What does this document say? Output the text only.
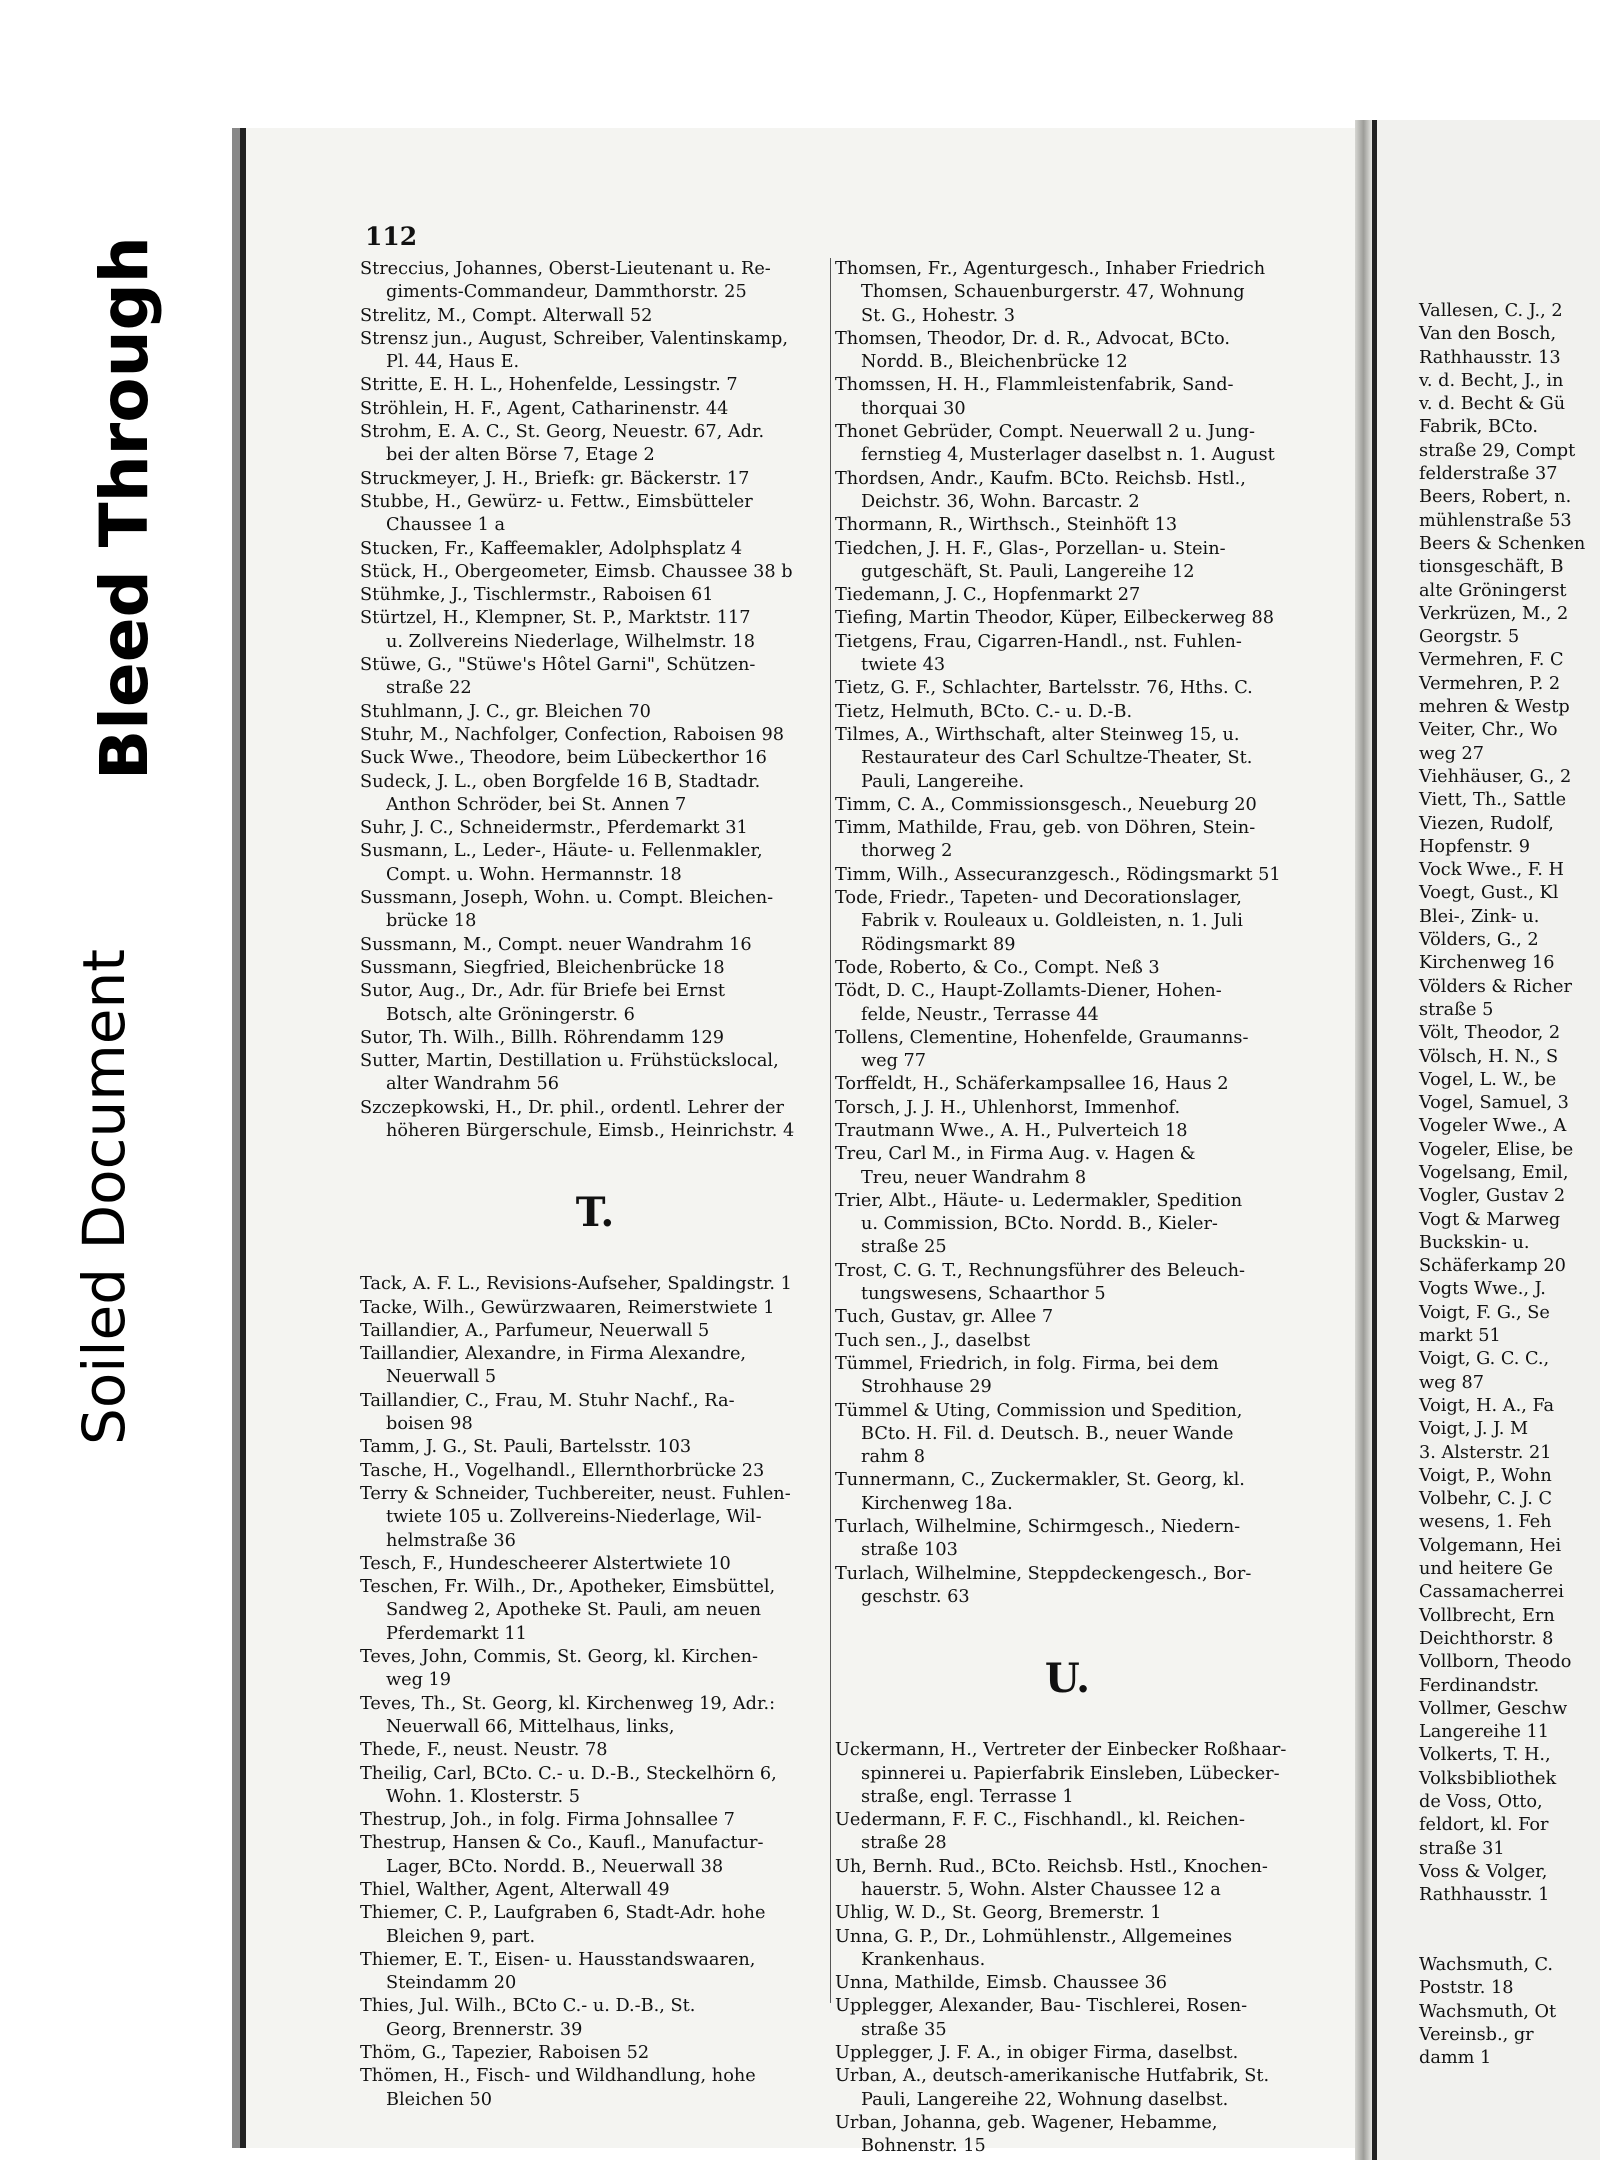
Bleed Through
Soiled Document
Vallesen, C. J., 2
Van den Bosch,
Rathhausstr. 13
v. d. Becht, J., in
v. d. Becht & Gü
Fabrik, BCto.
straße 29, Compt
felderstraße 37
Beers, Robert, n.
mühlenstraße 53
Beers & Schenken
tionsgeschäft, B
alte Gröningerst
Verkrüzen, M., 2
Georgstr. 5
Vermehren, F. C
Vermehren, P. 2
mehren & Westp
Veiter, Chr., Wo
weg 27
Viehhäuser, G., 2
Viett, Th., Sattle
Viezen, Rudolf,
Hopfenstr. 9
Vock Wwe., F. H
Voegt, Gust., Kl
Blei-, Zink- u.
Völders, G., 2
Kirchenweg 16
Völders & Richer
straße 5
Völt, Theodor, 2
Völsch, H. N., S
Vogel, L. W., be
Vogel, Samuel, 3
Vogeler Wwe., A
Vogeler, Elise, be
Vogelsang, Emil,
Vogler, Gustav 2
Vogt & Marweg
Buckskin- u.
Schäferkamp 20
Vogts Wwe., J.
Voigt, F. G., Se
markt 51
Voigt, G. C. C.,
weg 87
Voigt, H. A., Fa
Voigt, J. J. M
3. Alsterstr. 21
Voigt, P., Wohn
Volbehr, C. J. C
wesens, 1. Feh
Volgemann, Hei
und heitere Ge
Cassamacherrei
Vollbrecht, Ern
Deichthorstr. 8
Vollborn, Theodo
Ferdinandstr.
Vollmer, Geschw
Langereihe 11
Volkerts, T. H.,
Volksbibliothek
de Voss, Otto,
feldort, kl. For
straße 31
Voss & Volger,
Rathhausstr. 1

Wachsmuth, C.
Poststr. 18
Wachsmuth, Ot
Vereinsb., gr
damm 1
112
Streccius, Johannes, Oberst-Lieutenant u. Re-
giments-Commandeur, Dammthorstr. 25
Strelitz, M., Compt. Alterwall 52
Strensz jun., August, Schreiber, Valentinskamp,
Pl. 44, Haus E.
Stritte, E. H. L., Hohenfelde, Lessingstr. 7
Ströhlein, H. F., Agent, Catharinenstr. 44
Strohm, E. A. C., St. Georg, Neuestr. 67, Adr.
bei der alten Börse 7, Etage 2
Struckmeyer, J. H., Briefk: gr. Bäckerstr. 17
Stubbe, H., Gewürz- u. Fettw., Eimsbütteler
Chaussee 1 a
Stucken, Fr., Kaffeemakler, Adolphsplatz 4
Stück, H., Obergeometer, Eimsb. Chaussee 38 b
Stühmke, J., Tischlermstr., Raboisen 61
Stürtzel, H., Klempner, St. P., Marktstr. 117
u. Zollvereins Niederlage, Wilhelmstr. 18
Stüwe, G., "Stüwe's Hôtel Garni", Schützen-
straße 22
Stuhlmann, J. C., gr. Bleichen 70
Stuhr, M., Nachfolger, Confection, Raboisen 98
Suck Wwe., Theodore, beim Lübeckerthor 16
Sudeck, J. L., oben Borgfelde 16 B, Stadtadr.
Anthon Schröder, bei St. Annen 7
Suhr, J. C., Schneidermstr., Pferdemarkt 31
Susmann, L., Leder-, Häute- u. Fellenmakler,
Compt. u. Wohn. Hermannstr. 18
Sussmann, Joseph, Wohn. u. Compt. Bleichen-
brücke 18
Sussmann, M., Compt. neuer Wandrahm 16
Sussmann, Siegfried, Bleichenbrücke 18
Sutor, Aug., Dr., Adr. für Briefe bei Ernst
Botsch, alte Gröningerstr. 6
Sutor, Th. Wilh., Billh. Röhrendamm 129
Sutter, Martin, Destillation u. Frühstückslocal,
alter Wandrahm 56
Szczepkowski, H., Dr. phil., ordentl. Lehrer der
höheren Bürgerschule, Eimsb., Heinrichstr. 4
T.
Tack, A. F. L., Revisions-Aufseher, Spaldingstr. 1
Tacke, Wilh., Gewürzwaaren, Reimerstwiete 1
Taillandier, A., Parfumeur, Neuerwall 5
Taillandier, Alexandre, in Firma Alexandre,
Neuerwall 5
Taillandier, C., Frau, M. Stuhr Nachf., Ra-
boisen 98
Tamm, J. G., St. Pauli, Bartelsstr. 103
Tasche, H., Vogelhandl., Ellernthorbrücke 23
Terry & Schneider, Tuchbereiter, neust. Fuhlen-
twiete 105 u. Zollvereins-Niederlage, Wil-
helmstraße 36
Tesch, F., Hundescheerer Alstertwiete 10
Teschen, Fr. Wilh., Dr., Apotheker, Eimsbüttel,
Sandweg 2, Apotheke St. Pauli, am neuen
Pferdemarkt 11
Teves, John, Commis, St. Georg, kl. Kirchen-
weg 19
Teves, Th., St. Georg, kl. Kirchenweg 19, Adr.:
Neuerwall 66, Mittelhaus, links,
Thede, F., neust. Neustr. 78
Theilig, Carl, BCto. C.- u. D.-B., Steckelhörn 6,
Wohn. 1. Klosterstr. 5
Thestrup, Joh., in folg. Firma Johnsallee 7
Thestrup, Hansen & Co., Kaufl., Manufactur-
Lager, BCto. Nordd. B., Neuerwall 38
Thiel, Walther, Agent, Alterwall 49
Thiemer, C. P., Laufgraben 6, Stadt-Adr. hohe
Bleichen 9, part.
Thiemer, E. T., Eisen- u. Hausstandswaaren,
Steindamm 20
Thies, Jul. Wilh., BCto C.- u. D.-B., St.
Georg, Brennerstr. 39
Thöm, G., Tapezier, Raboisen 52
Thömen, H., Fisch- und Wildhandlung, hohe
Bleichen 50
Thomsen, Fr., Agenturgesch., Inhaber Friedrich
Thomsen, Schauenburgerstr. 47, Wohnung
St. G., Hohestr. 3
Thomsen, Theodor, Dr. d. R., Advocat, BCto.
Nordd. B., Bleichenbrücke 12
Thomssen, H. H., Flammleistenfabrik, Sand-
thorquai 30
Thonet Gebrüder, Compt. Neuerwall 2 u. Jung-
fernstieg 4, Musterlager daselbst n. 1. August
Thordsen, Andr., Kaufm. BCto. Reichsb. Hstl.,
Deichstr. 36, Wohn. Barcastr. 2
Thormann, R., Wirthsch., Steinhöft 13
Tiedchen, J. H. F., Glas-, Porzellan- u. Stein-
gutgeschäft, St. Pauli, Langereihe 12
Tiedemann, J. C., Hopfenmarkt 27
Tiefing, Martin Theodor, Küper, Eilbeckerweg 88
Tietgens, Frau, Cigarren-Handl., nst. Fuhlen-
twiete 43
Tietz, G. F., Schlachter, Bartelsstr. 76, Hths. C.
Tietz, Helmuth, BCto. C.- u. D.-B.
Tilmes, A., Wirthschaft, alter Steinweg 15, u.
Restaurateur des Carl Schultze-Theater, St.
Pauli, Langereihe.
Timm, C. A., Commissionsgesch., Neueburg 20
Timm, Mathilde, Frau, geb. von Döhren, Stein-
thorweg 2
Timm, Wilh., Assecuranzgesch., Rödingsmarkt 51
Tode, Friedr., Tapeten- und Decorationslager,
Fabrik v. Rouleaux u. Goldleisten, n. 1. Juli
Rödingsmarkt 89
Tode, Roberto, & Co., Compt. Neß 3
Tödt, D. C., Haupt-Zollamts-Diener, Hohen-
felde, Neustr., Terrasse 44
Tollens, Clementine, Hohenfelde, Graumanns-
weg 77
Torffeldt, H., Schäferkampsallee 16, Haus 2
Torsch, J. J. H., Uhlenhorst, Immenhof.
Trautmann Wwe., A. H., Pulverteich 18
Treu, Carl M., in Firma Aug. v. Hagen &
Treu, neuer Wandrahm 8
Trier, Albt., Häute- u. Ledermakler, Spedition
u. Commission, BCto. Nordd. B., Kieler-
straße 25
Trost, C. G. T., Rechnungsführer des Beleuch-
tungswesens, Schaarthor 5
Tuch, Gustav, gr. Allee 7
Tuch sen., J., daselbst
Tümmel, Friedrich, in folg. Firma, bei dem
Strohhause 29
Tümmel & Uting, Commission und Spedition,
BCto. H. Fil. d. Deutsch. B., neuer Wande
rahm 8
Tunnermann, C., Zuckermakler, St. Georg, kl.
Kirchenweg 18a.
Turlach, Wilhelmine, Schirmgesch., Niedern-
straße 103
Turlach, Wilhelmine, Steppdeckengesch., Bor-
geschstr. 63
U.
Uckermann, H., Vertreter der Einbecker Roßhaar-
spinnerei u. Papierfabrik Einsleben, Lübecker-
straße, engl. Terrasse 1
Uedermann, F. F. C., Fischhandl., kl. Reichen-
straße 28
Uh, Bernh. Rud., BCto. Reichsb. Hstl., Knochen-
hauerstr. 5, Wohn. Alster Chaussee 12 a
Uhlig, W. D., St. Georg, Bremerstr. 1
Unna, G. P., Dr., Lohmühlenstr., Allgemeines
Krankenhaus.
Unna, Mathilde, Eimsb. Chaussee 36
Upplegger, Alexander, Bau- Tischlerei, Rosen-
straße 35
Upplegger, J. F. A., in obiger Firma, daselbst.
Urban, A., deutsch-amerikanische Hutfabrik, St.
Pauli, Langereihe 22, Wohnung daselbst.
Urban, Johanna, geb. Wagener, Hebamme,
Bohnenstr. 15
